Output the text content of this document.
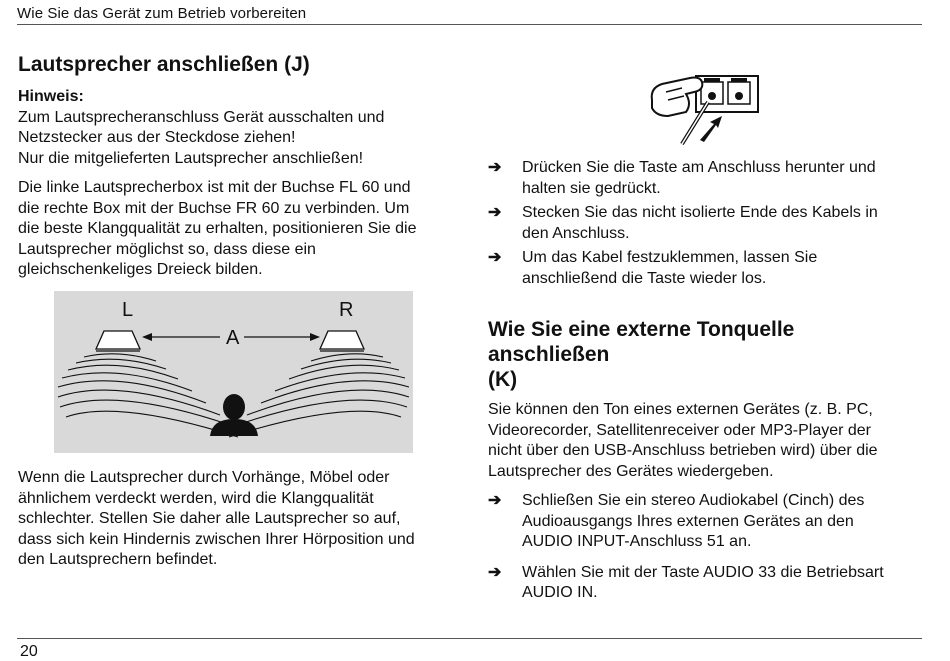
Wie Sie das Gerät zum Betrieb vorbereiten
Lautsprecher anschließen (J)
Hinweis:
Zum Lautsprecheranschluss Gerät ausschalten und
Netzstecker aus der Steckdose ziehen!
Nur die mitgelieferten Lautsprecher anschließen!
Die linke Lautsprecherbox ist mit der Buchse FL 60 und
die rechte Box mit der Buchse FR 60 zu verbinden. Um
die beste Klangqualität zu erhalten, positionieren Sie die
Lautsprecher möglichst so, dass diese ein
gleichschenkeliges Dreieck bilden.
L	R
A
Wenn die Lautsprecher durch Vorhänge, Möbel oder
ähnlichem verdeckt werden, wird die Klangqualität
schlechter. Stellen Sie daher alle Lautsprecher so auf,
dass sich kein Hindernis zwischen Ihrer Hörposition und
den Lautsprechern befindet.
➔ Drücken Sie die Taste am Anschluss herunter und
halten sie gedrückt.
➔ Stecken Sie das nicht isolierte Ende des Kabels in
den Anschluss.
➔ Um das Kabel festzuklemmen, lassen Sie
anschließend die Taste wieder los.
Wie Sie eine externe Tonquelle anschließen
(K)
Sie können den Ton eines externen Gerätes (z. B. PC,
Videorecorder, Satellitenreceiver oder MP3-Player der
nicht über den USB-Anschluss betrieben wird) über die
Lautsprecher des Gerätes wiedergeben.
➔ Schließen Sie ein stereo Audiokabel (Cinch) des
Audioausgangs Ihres externen Gerätes an den
AUDIO INPUT-Anschluss 51 an.
➔ Wählen Sie mit der Taste AUDIO 33 die Betriebsart
AUDIO IN.
20
